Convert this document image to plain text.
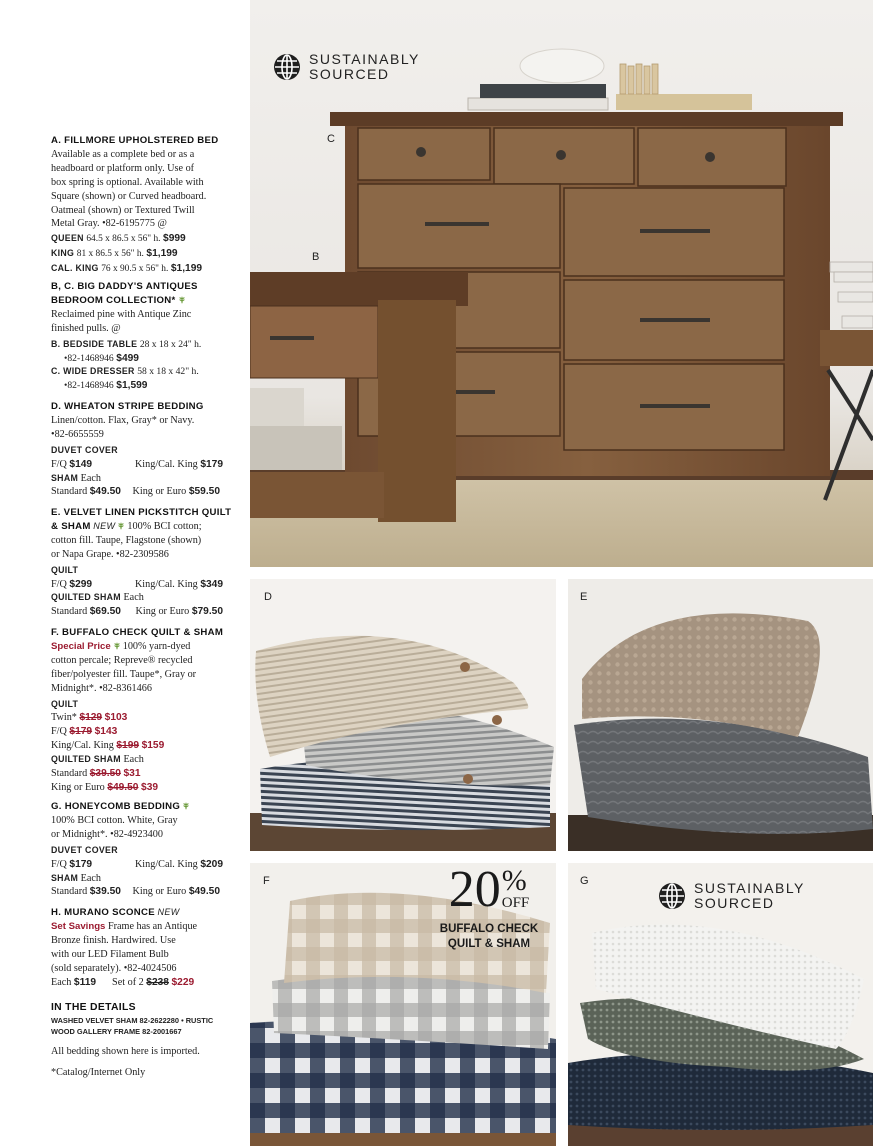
A. FILLMORE UPHOLSTERED BED
Available as a complete bed or as a
headboard or platform only. Use of
box spring is optional. Available with
Square (shown) or Curved headboard.
Oatmeal (shown) or Textured Twill
Metal Gray. •82-6195775 @
QUEEN 64.5 x 86.5 x 56" h. $999
KING 81 x 86.5 x 56" h. $1,199
CAL. KING 76 x 90.5 x 56" h. $1,199
B, C. BIG DADDY'S ANTIQUES
BEDROOM COLLECTION*
Reclaimed pine with Antique Zinc
finished pulls. @
B. BEDSIDE TABLE 28 x 18 x 24" h.
•82-1468946 $499
C. WIDE DRESSER 58 x 18 x 42" h.
•82-1468946 $1,599
D. WHEATON STRIPE BEDDING
Linen/cotton. Flax, Gray* or Navy.
•82-6655559
DUVET COVER
F/Q $149	King/Cal. King $179
SHAM Each
Standard $49.50 King or Euro $59.50
E. VELVET LINEN PICKSTITCH QUILT
& SHAM NEW 100% BCI cotton;
cotton fill. Taupe, Flagstone (shown)
or Napa Grape. •82-2309586
QUILT
F/Q $299	King/Cal. King $349
QUILTED SHAM Each
Standard $69.50 King or Euro $79.50
F. BUFFALO CHECK QUILT & SHAM
Special Price 100% yarn-dyed
cotton percale; Repreve® recycled
fiber/polyester fill. Taupe*, Gray or
Midnight*. •82-8361466
QUILT
Twin* $129 $103
F/Q $179 $143
King/Cal. King $199 $159
QUILTED SHAM Each
Standard $39.50 $31
King or Euro $49.50 $39
G. HONEYCOMB BEDDING
100% BCI cotton. White, Gray
or Midnight*. •82-4923400
DUVET COVER
F/Q $179	King/Cal. King $209
SHAM Each
Standard $39.50 King or Euro $49.50
H. MURANO SCONCE NEW
Set Savings Frame has an Antique
Bronze finish. Hardwired. Use
with our LED Filament Bulb
(sold separately). •82-4024506
Each $119 Set of 2 $238 $229
IN THE DETAILS
WASHED VELVET SHAM 82-2622280 • RUSTIC
WOOD GALLERY FRAME 82-2001667
All bedding shown here is imported.
*Catalog/Internet Only
C
B
SUSTAINABLY
SOURCED
D	E
F	20 %
OFF
BUFFALO CHECK
QUILT & SHAM
G	SUSTAINABLY
SOURCED
